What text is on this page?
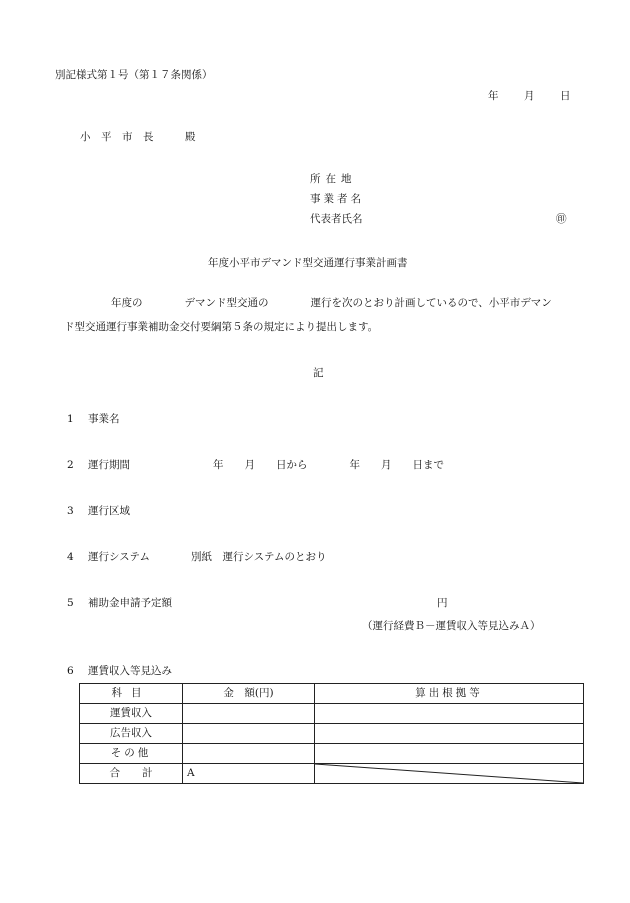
別記様式第１号（第１７条関係）
年 月 日
小　平　市　長　　　殿
所在地
事業者名
代表者氏名	㊞
年度小平市デマンド型交通運行事業計画書
年度の　　　　デマンド型交通の　　　　運行を次のとおり計画しているので、小平市デマン
ド型交通運行事業補助金交付要綱第５条の規定により提出します。
記
1 事業名
2 運行期間	年　　月　　日から　　　　年　　月　　日まで
3 運行区域
4 運行システム	別紙　運行システムのとおり
5 補助金申請予定額	円
（運行経費Ｂ－運賃収入等見込みＡ）
6 運賃収入等見込み
科目	金　額(円)	算出根拠等
運賃収入		
広告収入		
その他		
合計	A	
